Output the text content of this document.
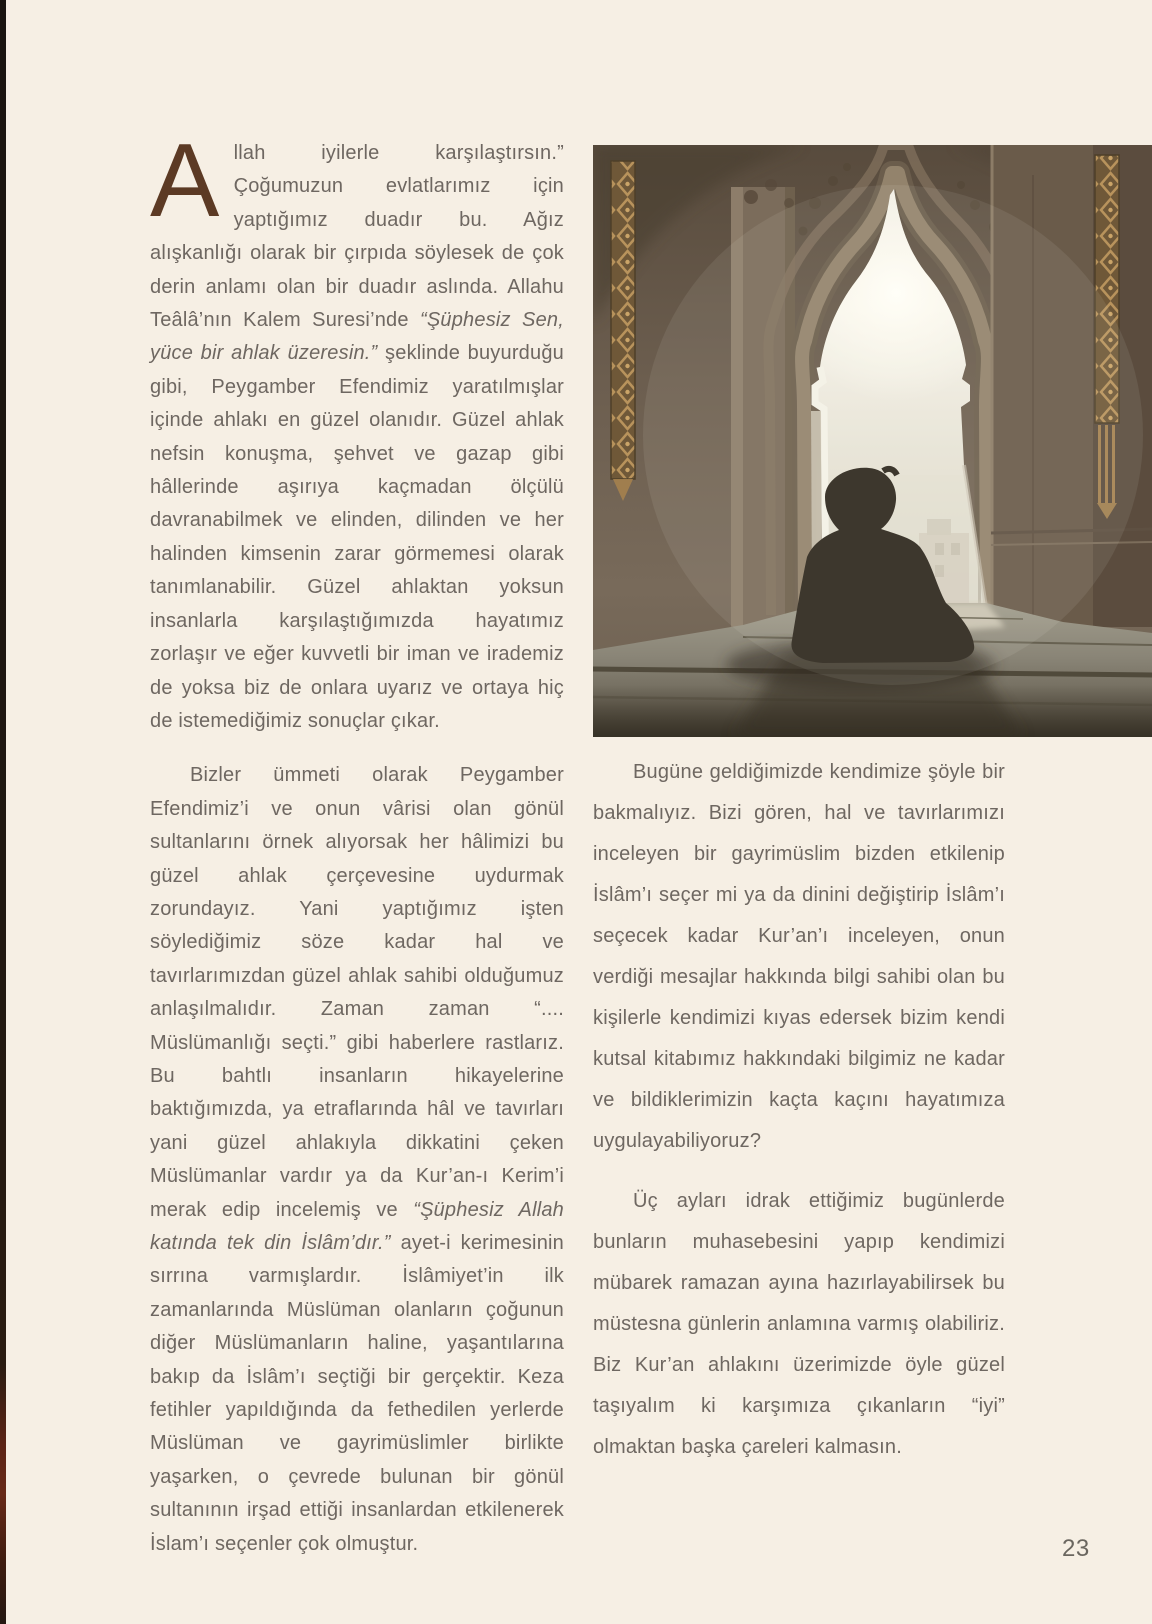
Allah iyilerle karşılaştırsın.” Çoğumuzun evlatlarımız için yaptığımız duadır bu. Ağız alışkanlığı olarak bir çırpıda söylesek de çok derin anlamı olan bir duadır aslında. Allahu Teâlâ’nın Kalem Suresi’nde “Şüphesiz Sen, yüce bir ahlak üzeresin.” şeklinde buyurduğu gibi, Peygamber Efendimiz yaratılmışlar içinde ahlakı en güzel olanıdır. Güzel ahlak nefsin konuşma, şehvet ve gazap gibi hâllerinde aşırıya kaçmadan ölçülü davranabilmek ve elinden, dilinden ve her halinden kimsenin zarar görmemesi olarak tanımlanabilir. Güzel ahlaktan yoksun insanlarla karşılaştığımızda hayatımız zorlaşır ve eğer kuvvetli bir iman ve irademiz de yoksa biz de onlara uyarız ve ortaya hiç de istemediğimiz sonuçlar çıkar.

Bizler ümmeti olarak Peygamber Efendimiz’i ve onun vârisi olan gönül sultanlarını örnek alıyorsak her hâlimizi bu güzel ahlak çerçevesine uydurmak zorundayız. Yani yaptığımız işten söylediğimiz söze kadar hal ve tavırlarımızdan güzel ahlak sahibi olduğumuz anlaşılmalıdır. Zaman zaman “.... Müslümanlığı seçti.” gibi haberlere rastlarız. Bu bahtlı insanların hikayelerine baktığımızda, ya etraflarında hâl ve tavırları yani güzel ahlakıyla dikkatini çeken Müslümanlar vardır ya da Kur’an-ı Kerim’i merak edip incelemiş ve “Şüphesiz Allah katında tek din İslâm’dır.” ayet-i kerimesinin sırrına varmışlardır. İslâmiyet’in ilk zamanlarında Müslüman olanların çoğunun diğer Müslümanların haline, yaşantılarına bakıp da İslâm’ı seçtiği bir gerçektir. Keza fetihler yapıldığında da fethedilen yerlerde Müslüman ve gayrimüslimler birlikte yaşarken, o çevrede bulunan bir gönül sultanının irşad ettiği insanlardan etkilenerek İslam’ı seçenler çok olmuştur.

Bugüne geldiğimizde kendimize şöyle bir bakmalıyız. Bizi gören, hal ve tavırlarımızı inceleyen bir gayrimüslim bizden etkilenip İslâm’ı seçer mi ya da dinini değiştirip İslâm’ı seçecek kadar Kur’an’ı inceleyen, onun verdiği mesajlar hakkında bilgi sahibi olan bu kişilerle kendimizi kıyas edersek bizim kendi kutsal kitabımız hakkındaki bilgimiz ne kadar ve bildiklerimizin kaçta kaçını hayatımıza uygulayabiliyoruz?

Üç ayları idrak ettiğimiz bugünlerde bunların muhasebesini yapıp kendimizi mübarek ramazan ayına hazırlayabilirsek bu müstesna günlerin anlamına varmış olabiliriz. Biz Kur’an ahlakını üzerimizde öyle güzel taşıyalım ki karşımıza çıkanların “iyi” olmaktan başka çareleri kalmasın.

23
